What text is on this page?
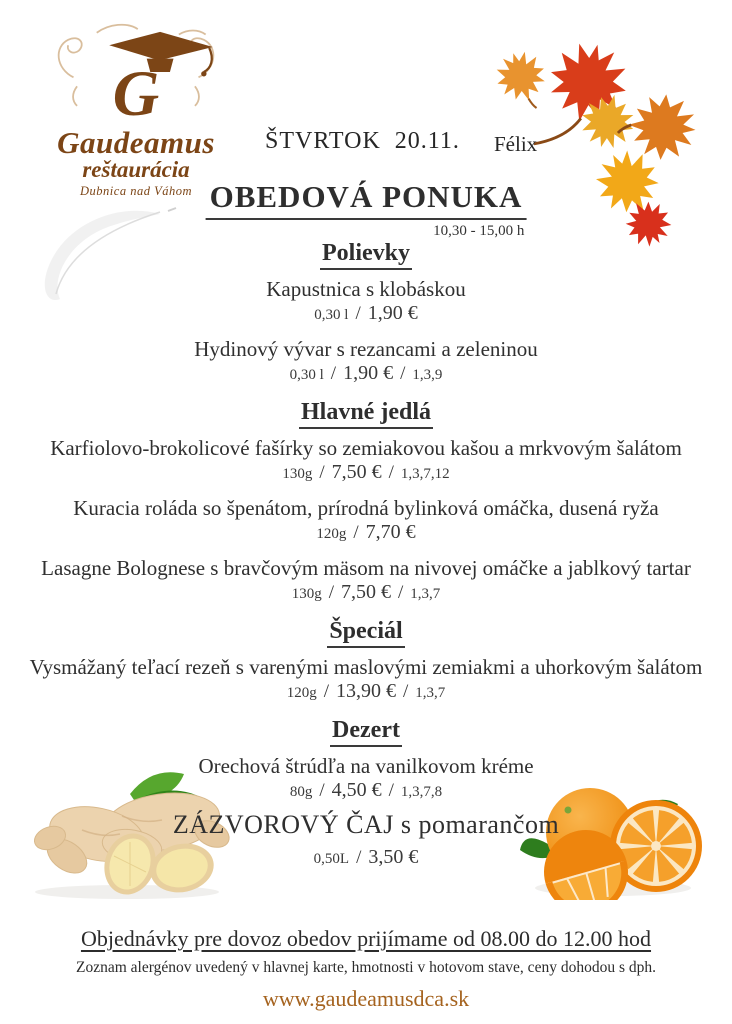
G
Gaudeamus
reštaurácia
Dubnica nad Váhom
ŠTVRTOK 20.11. Félix
OBEDOVÁ PONUKA
10,30 - 15,00 h
Polievky
Kapustnica s klobáskou
0,30 l / 1,90 €
Hydinový vývar s rezancami a zeleninou
0,30 l / 1,90 € / 1,3,9
Hlavné jedlá
Karfiolovo-brokolicové fašírky so zemiakovou kašou a mrkvovým šalátom
130g / 7,50 € / 1,3,7,12
Kuracia roláda so špenátom, prírodná bylinková omáčka, dusená ryža
120g / 7,70 €
Lasagne Bolognese s bravčovým mäsom na nivovej omáčke a jablkový tartar
130g / 7,50 € / 1,3,7
Špeciál
Vysmážaný teľací rezeň s varenými maslovými zemiakmi a uhorkovým šalátom
120g / 13,90 € / 1,3,7
Dezert
Orechová štrúdľa na vanilkovom kréme
80g / 4,50 € / 1,3,7,8
ZÁZVOROVÝ ČAJ s pomarančom
0,50L / 3,50 €
Objednávky pre dovoz obedov prijímame od 08.00 do 12.00 hod
Zoznam alergénov uvedený v hlavnej karte, hmotnosti v hotovom stave, ceny dohodou s dph.
www.gaudeamusdca.sk
